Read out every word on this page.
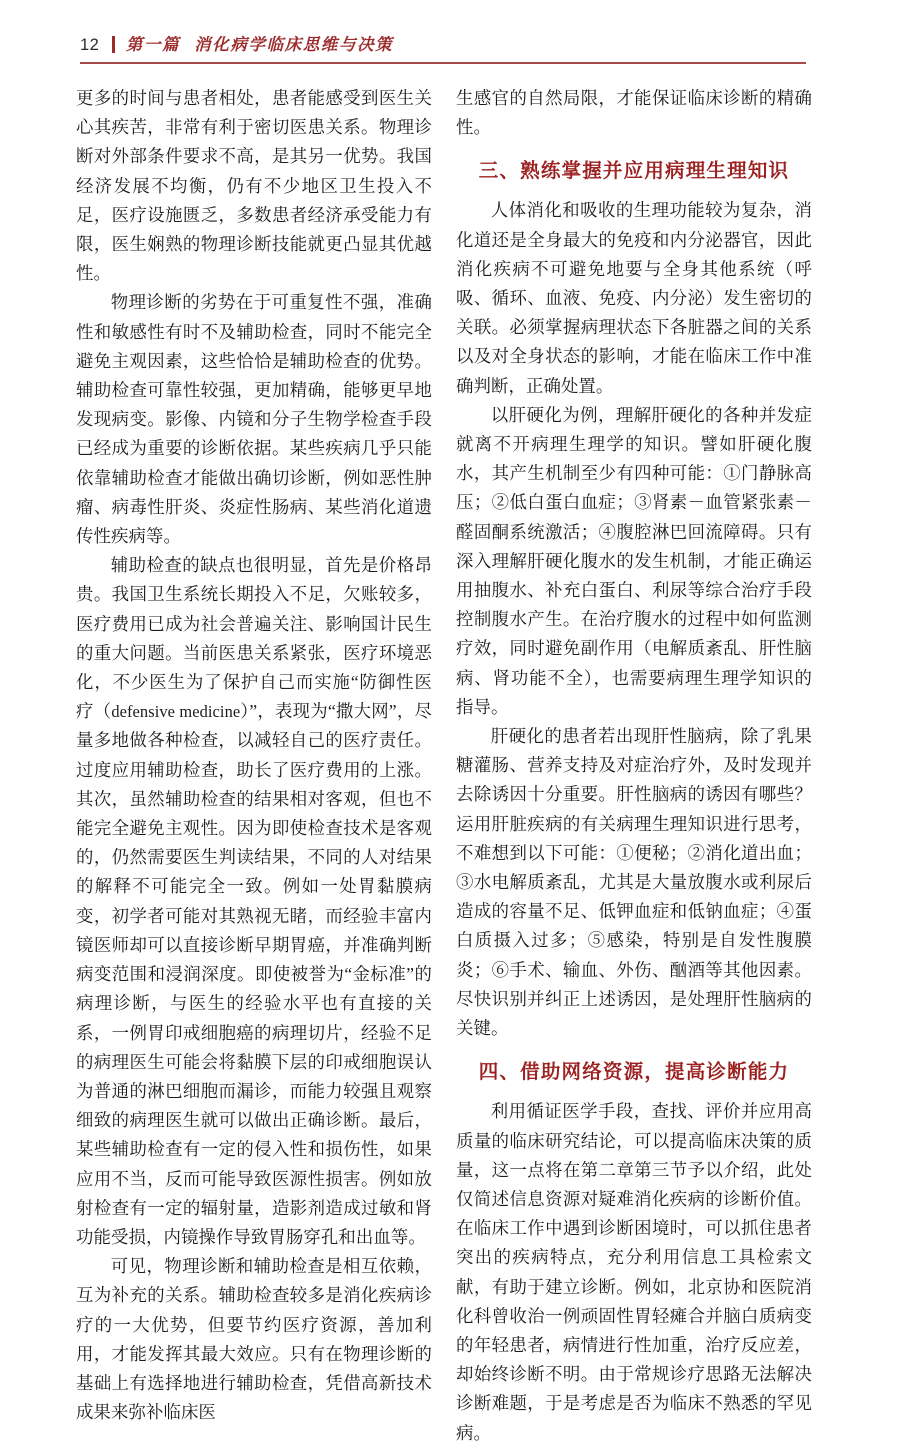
12 第一篇 消化病学临床思维与决策

更多的时间与患者相处，患者能感受到医生关心其疾苦，非常有利于密切医患关系。物理诊断对外部条件要求不高，是其另一优势。我国经济发展不均衡，仍有不少地区卫生投入不足，医疗设施匮乏，多数患者经济承受能力有限，医生娴熟的物理诊断技能就更凸显其优越性。

物理诊断的劣势在于可重复性不强，准确性和敏感性有时不及辅助检查，同时不能完全避免主观因素，这些恰恰是辅助检查的优势。辅助检查可靠性较强，更加精确，能够更早地发现病变。影像、内镜和分子生物学检查手段已经成为重要的诊断依据。某些疾病几乎只能依靠辅助检查才能做出确切诊断，例如恶性肿瘤、病毒性肝炎、炎症性肠病、某些消化道遗传性疾病等。

辅助检查的缺点也很明显，首先是价格昂贵。我国卫生系统长期投入不足，欠账较多，医疗费用已成为社会普遍关注、影响国计民生的重大问题。当前医患关系紧张，医疗环境恶化，不少医生为了保护自己而实施“防御性医疗（defensive medicine）”，表现为“撒大网”，尽量多地做各种检查，以减轻自己的医疗责任。过度应用辅助检查，助长了医疗费用的上涨。其次，虽然辅助检查的结果相对客观，但也不能完全避免主观性。因为即使检查技术是客观的，仍然需要医生判读结果，不同的人对结果的解释不可能完全一致。例如一处胃黏膜病变，初学者可能对其熟视无睹，而经验丰富内镜医师却可以直接诊断早期胃癌，并准确判断病变范围和浸润深度。即使被誉为“金标准”的病理诊断，与医生的经验水平也有直接的关系，一例胃印戒细胞癌的病理切片，经验不足的病理医生可能会将黏膜下层的印戒细胞误认为普通的淋巴细胞而漏诊，而能力较强且观察细致的病理医生就可以做出正确诊断。最后，某些辅助检查有一定的侵入性和损伤性，如果应用不当，反而可能导致医源性损害。例如放射检查有一定的辐射量，造影剂造成过敏和肾功能受损，内镜操作导致胃肠穿孔和出血等。

可见，物理诊断和辅助检查是相互依赖，互为补充的关系。辅助检查较多是消化疾病诊疗的一大优势，但要节约医疗资源，善加利用，才能发挥其最大效应。只有在物理诊断的基础上有选择地进行辅助检查，凭借高新技术成果来弥补临床医

生感官的自然局限，才能保证临床诊断的精确性。

三、熟练掌握并应用病理生理知识

人体消化和吸收的生理功能较为复杂，消化道还是全身最大的免疫和内分泌器官，因此消化疾病不可避免地要与全身其他系统（呼吸、循环、血液、免疫、内分泌）发生密切的关联。必须掌握病理状态下各脏器之间的关系以及对全身状态的影响，才能在临床工作中准确判断，正确处置。

以肝硬化为例，理解肝硬化的各种并发症就离不开病理生理学的知识。譬如肝硬化腹水，其产生机制至少有四种可能：①门静脉高压；②低白蛋白血症；③肾素－血管紧张素－醛固酮系统激活；④腹腔淋巴回流障碍。只有深入理解肝硬化腹水的发生机制，才能正确运用抽腹水、补充白蛋白、利尿等综合治疗手段控制腹水产生。在治疗腹水的过程中如何监测疗效，同时避免副作用（电解质紊乱、肝性脑病、肾功能不全），也需要病理生理学知识的指导。

肝硬化的患者若出现肝性脑病，除了乳果糖灌肠、营养支持及对症治疗外，及时发现并去除诱因十分重要。肝性脑病的诱因有哪些？运用肝脏疾病的有关病理生理知识进行思考，不难想到以下可能：①便秘；②消化道出血；③水电解质紊乱，尤其是大量放腹水或利尿后造成的容量不足、低钾血症和低钠血症；④蛋白质摄入过多；⑤感染，特别是自发性腹膜炎；⑥手术、输血、外伤、酗酒等其他因素。尽快识别并纠正上述诱因，是处理肝性脑病的关键。

四、借助网络资源，提高诊断能力

利用循证医学手段，查找、评价并应用高质量的临床研究结论，可以提高临床决策的质量，这一点将在第二章第三节予以介绍，此处仅简述信息资源对疑难消化疾病的诊断价值。在临床工作中遇到诊断困境时，可以抓住患者突出的疾病特点，充分利用信息工具检索文献，有助于建立诊断。例如，北京协和医院消化科曾收治一例顽固性胃轻瘫合并脑白质病变的年轻患者，病情进行性加重，治疗反应差，却始终诊断不明。由于常规诊疗思路无法解决诊断难题，于是考虑是否为临床不熟悉的罕见病。
